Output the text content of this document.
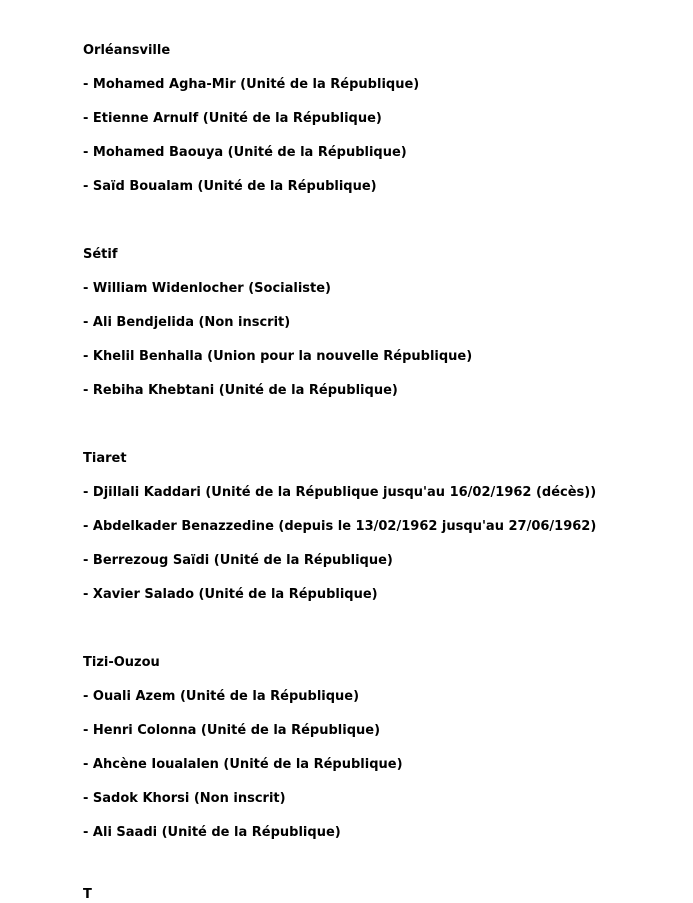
Orléansville
- Mohamed Agha-Mir (Unité de la République)
- Etienne Arnulf (Unité de la République)
- Mohamed Baouya (Unité de la République)
- Saïd Boualam (Unité de la République)
Sétif
- William Widenlocher (Socialiste)
- Ali Bendjelida (Non inscrit)
- Khelil Benhalla (Union pour la nouvelle République)
- Rebiha Khebtani (Unité de la République)
Tiaret
- Djillali Kaddari (Unité de la République jusqu'au 16/02/1962 (décès))
- Abdelkader Benazzedine (depuis le 13/02/1962 jusqu'au 27/06/1962)
- Berrezoug Saïdi (Unité de la République)
- Xavier Salado (Unité de la République)
Tizi-Ouzou
- Ouali Azem (Unité de la République)
- Henri Colonna (Unité de la République)
- Ahcène Ioualalen (Unité de la République)
- Sadok Khorsi (Non inscrit)
- Ali Saadi (Unité de la République)
T
